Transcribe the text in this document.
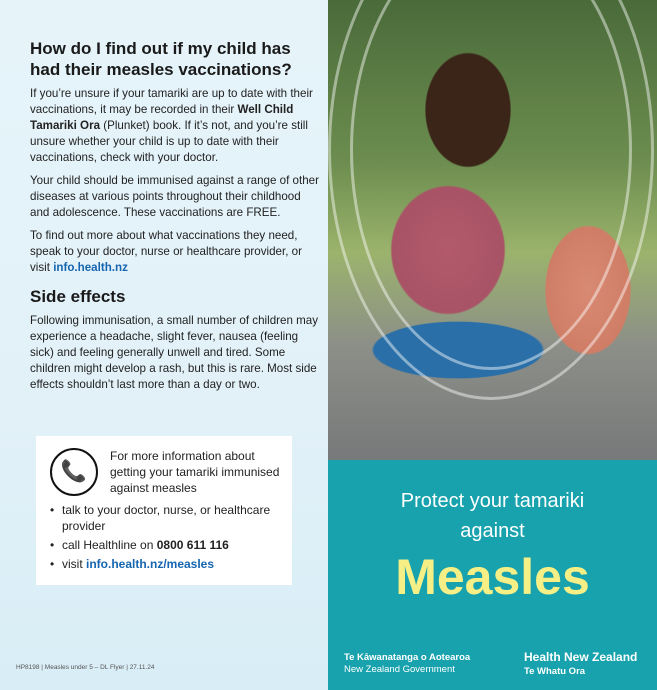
How do I find out if my child has had their measles vaccinations?

If you’re unsure if your tamariki are up to date with their vaccinations, it may be recorded in their Well Child Tamariki Ora (Plunket) book. If it’s not, and you’re still unsure whether your child is up to date with their vaccinations, check with your doctor.

Your child should be immunised against a range of other diseases at various points throughout their childhood and adolescence. These vaccinations are FREE.

To find out more about what vaccinations they need, speak to your doctor, nurse or healthcare provider, or visit info.health.nz

Side effects

Following immunisation, a small number of children may experience a headache, slight fever, nausea (feeling sick) and feeling generally unwell and tired. Some children might develop a rash, but this is rare. Most side effects shouldn’t last more than a day or two.

📞
For more information about getting your tamariki immunised against measles
• talk to your doctor, nurse, or healthcare provider
• call Healthline on 0800 611 116
• visit info.health.nz/measles
HP8198 | Measles under 5 – DL Flyer | 27.11.24
Protect your tamariki
against
Measles
Te Kāwanatanga o Aotearoa
New Zealand Government
Health New Zealand
Te Whatu Ora
